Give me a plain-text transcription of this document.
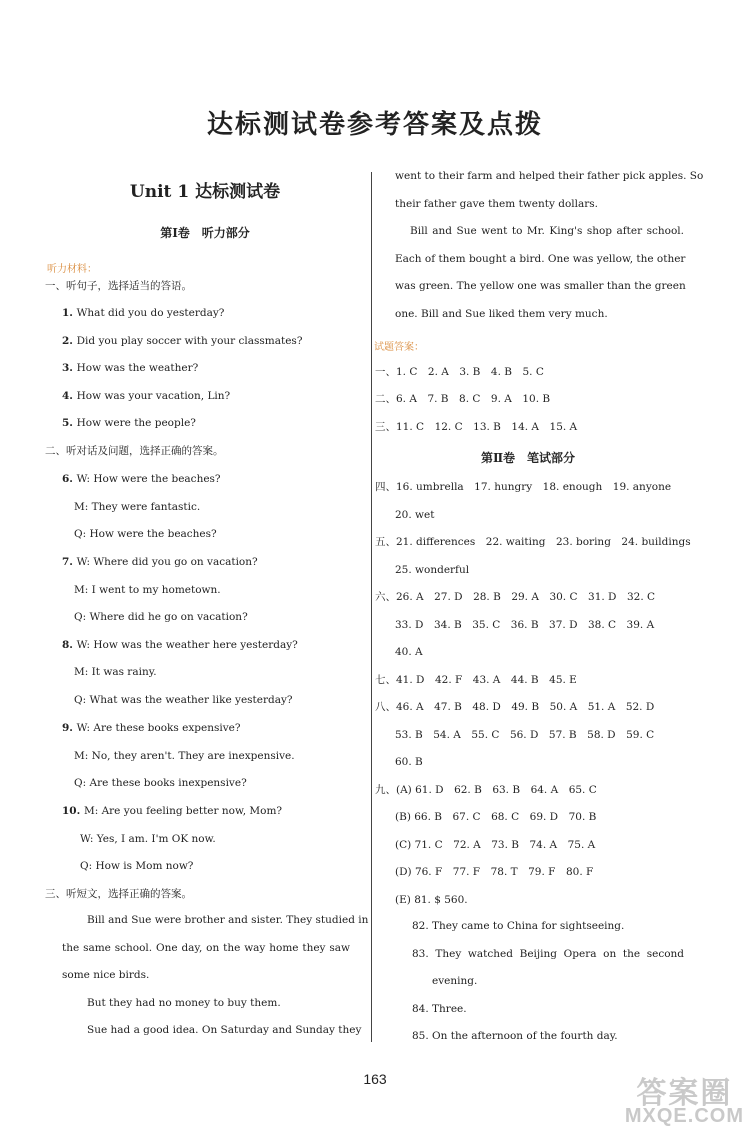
达标测试卷参考答案及点拨
Unit 1 达标测试卷
第Ⅰ卷　听力部分
听力材料：
一、听句子，选择适当的答语。
1. What did you do yesterday?
2. Did you play soccer with your classmates?
3. How was the weather?
4. How was your vacation, Lin?
5. How were the people?
二、听对话及问题，选择正确的答案。
6. W: How were the beaches?
M: They were fantastic.
Q: How were the beaches?
7. W: Where did you go on vacation?
M: I went to my hometown.
Q: Where did he go on vacation?
8. W: How was the weather here yesterday?
M: It was rainy.
Q: What was the weather like yesterday?
9. W: Are these books expensive?
M: No, they aren't. They are inexpensive.
Q: Are these books inexpensive?
10. M: Are you feeling better now, Mom?
W: Yes, I am. I'm OK now.
Q: How is Mom now?
三、听短文，选择正确的答案。
Bill and Sue were brother and sister. They studied in
the same school. One day, on the way home they saw
some nice birds.
But they had no money to buy them.
Sue had a good idea. On Saturday and Sunday they
went to their farm and helped their father pick apples. So
their father gave them twenty dollars.
Bill and Sue went to Mr. King's shop after school.
Each of them bought a bird. One was yellow, the other
was green. The yellow one was smaller than the green
one. Bill and Sue liked them very much.
试题答案：
一、1. C　2. A　3. B　4. B　5. C
二、6. A　7. B　8. C　9. A　10. B
三、11. C　12. C　13. B　14. A　15. A
第Ⅱ卷　笔试部分
四、16. umbrella　17. hungry　18. enough　19. anyone
20. wet
五、21. differences　22. waiting　23. boring　24. buildings
25. wonderful
六、26. A　27. D　28. B　29. A　30. C　31. D　32. C
33. D　34. B　35. C　36. B　37. D　38. C　39. A
40. A
七、41. D　42. F　43. A　44. B　45. E
八、46. A　47. B　48. D　49. B　50. A　51. A　52. D
53. B　54. A　55. C　56. D　57. B　58. D　59. C
60. B
九、(A) 61. D　62. B　63. B　64. A　65. C
(B) 66. B　67. C　68. C　69. D　70. B
(C) 71. C　72. A　73. B　74. A　75. A
(D) 76. F　77. F　78. T　79. F　80. F
(E) 81. $ 560.
82. They came to China for sightseeing.
83. They watched Beijing Opera on the second
evening.
84. Three.
85. On the afternoon of the fourth day.
163	答案圈
MXQE.COM
